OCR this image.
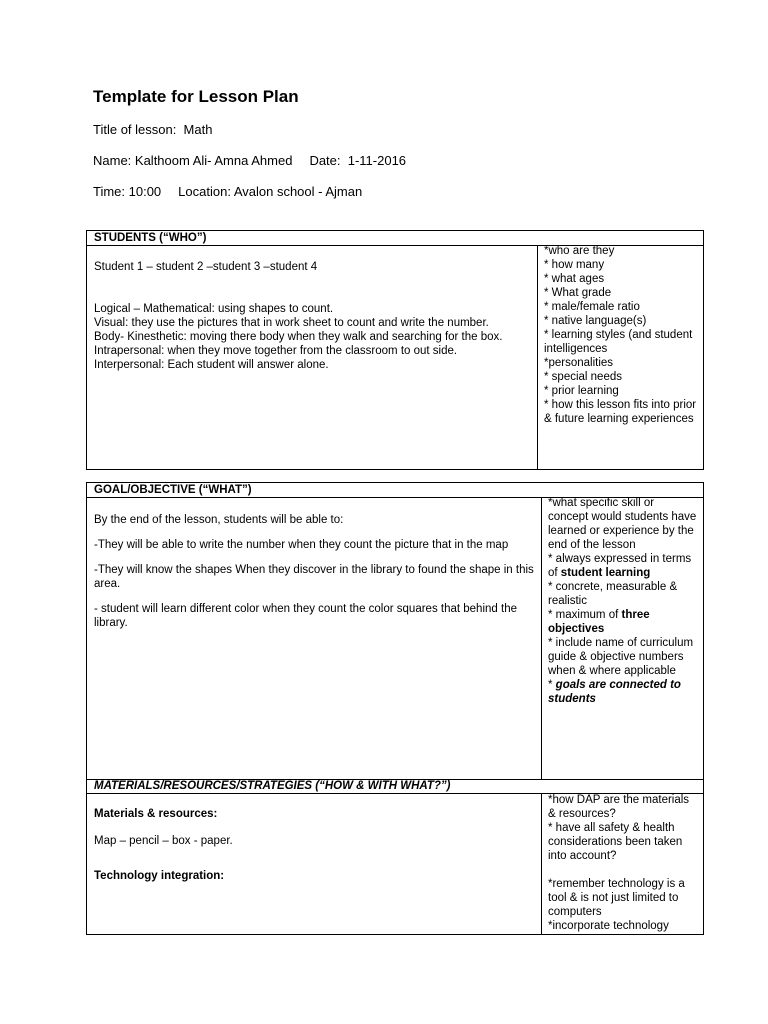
Template for Lesson Plan
Title of lesson:  Math
Name: Kalthoom Ali- Amna Ahmed Date:  1-11-2016
Time: 10:00 Location: Avalon school - Ajman
STUDENTS (“WHO”)

Student 1 – student 2 –student 3 –student 4

Logical – Mathematical: using shapes to count.

Visual: they use the pictures that in work sheet to count and write the number.

Body- Kinesthetic: moving there body when they walk and searching for the box.

Intrapersonal: when they move together from the classroom to out side.

Interpersonal: Each student will answer alone.

*who are they
* how many
* what ages
* What grade
* male/female ratio
* native language(s)
* learning styles (and student intelligences
*personalities
* special needs
* prior learning
* how this lesson fits into prior & future learning experiences
GOAL/OBJECTIVE (“WHAT”)

By the end of the lesson, students will be able to:

-They will be able to write the number when they count the picture that in the map

-They will know the shapes When they discover in the library to found the shape in this area.

- student will learn different color when they count the color squares that behind the library.

*what specific skill or concept would students have learned or experience by the end of the lesson
* always expressed in terms of student learning
* concrete, measurable & realistic
* maximum of three objectives
* include name of curriculum guide & objective numbers when & where applicable
* goals are connected to students
MATERIALS/RESOURCES/STRATEGIES (“HOW & WITH WHAT?”)

Materials & resources:

Map – pencil – box - paper.

Technology integration:

*how DAP are the materials & resources?
* have all safety & health considerations been taken into account?
*remember technology is a tool & is not just limited to computers
*incorporate technology
